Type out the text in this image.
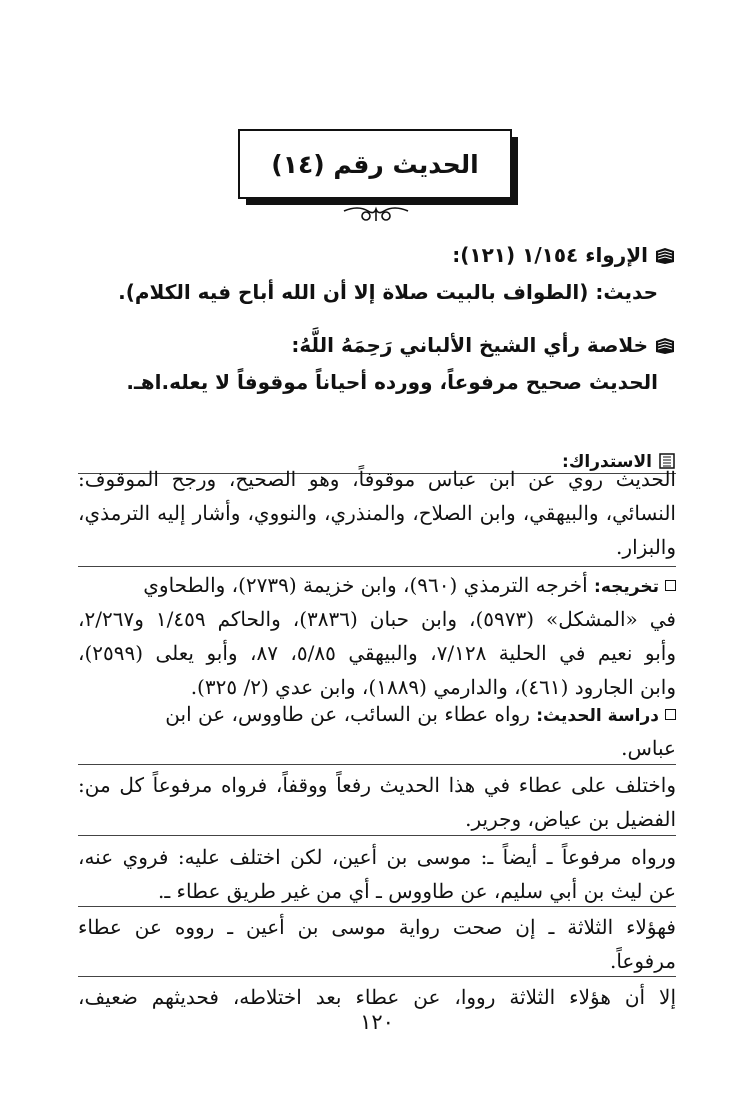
الحديث رقم (١٤)
الإرواء ١/١٥٤ (١٢١):
حديث: (الطواف بالبيت صلاة إلا أن الله أباح فيه الكلام).
خلاصة رأي الشيخ الألباني رَحِمَهُ اللَّهُ:
الحديث صحيح مرفوعاً، وورده أحياناً موقوفاً لا يعله.اهـ.
الاستدراك:
الحديث روي عن ابن عباس موقوفاً، وهو الصحيح، ورجح الموقوف:
النسائي، والبيهقي، وابن الصلاح، والمنذري، والنووي، وأشار إليه الترمذي،
والبزار.
تخريجه: أخرجه الترمذي (٩٦٠)، وابن خزيمة (٢٧٣٩)، والطحاوي
في «المشكل» (٥٩٧٣)، وابن حبان (٣٨٣٦)، والحاكم ١/٤٥٩ و٢/٢٦٧،
وأبو نعيم في الحلية ٧/١٢٨، والبيهقي ٥/٨٥، ٨٧، وأبو يعلى (٢٥٩٩)،
وابن الجارود (٤٦١)، والدارمي (١٨٨٩)، وابن عدي (٢/ ٣٢٥).
دراسة الحديث: رواه عطاء بن السائب، عن طاووس، عن ابن
عباس.
واختلف على عطاء في هذا الحديث رفعاً ووقفاً، فرواه مرفوعاً كل من:
الفضيل بن عياض، وجرير.
ورواه مرفوعاً ـ أيضاً ـ: موسى بن أعين، لكن اختلف عليه: فروي عنه،
عن ليث بن أبي سليم، عن طاووس ـ أي من غير طريق عطاء ـ.
فهؤلاء الثلاثة ـ إن صحت رواية موسى بن أعين ـ رووه عن عطاء
مرفوعاً.
إلا أن هؤلاء الثلاثة رووا، عن عطاء بعد اختلاطه، فحديثهم ضعيف،
١٢٠
